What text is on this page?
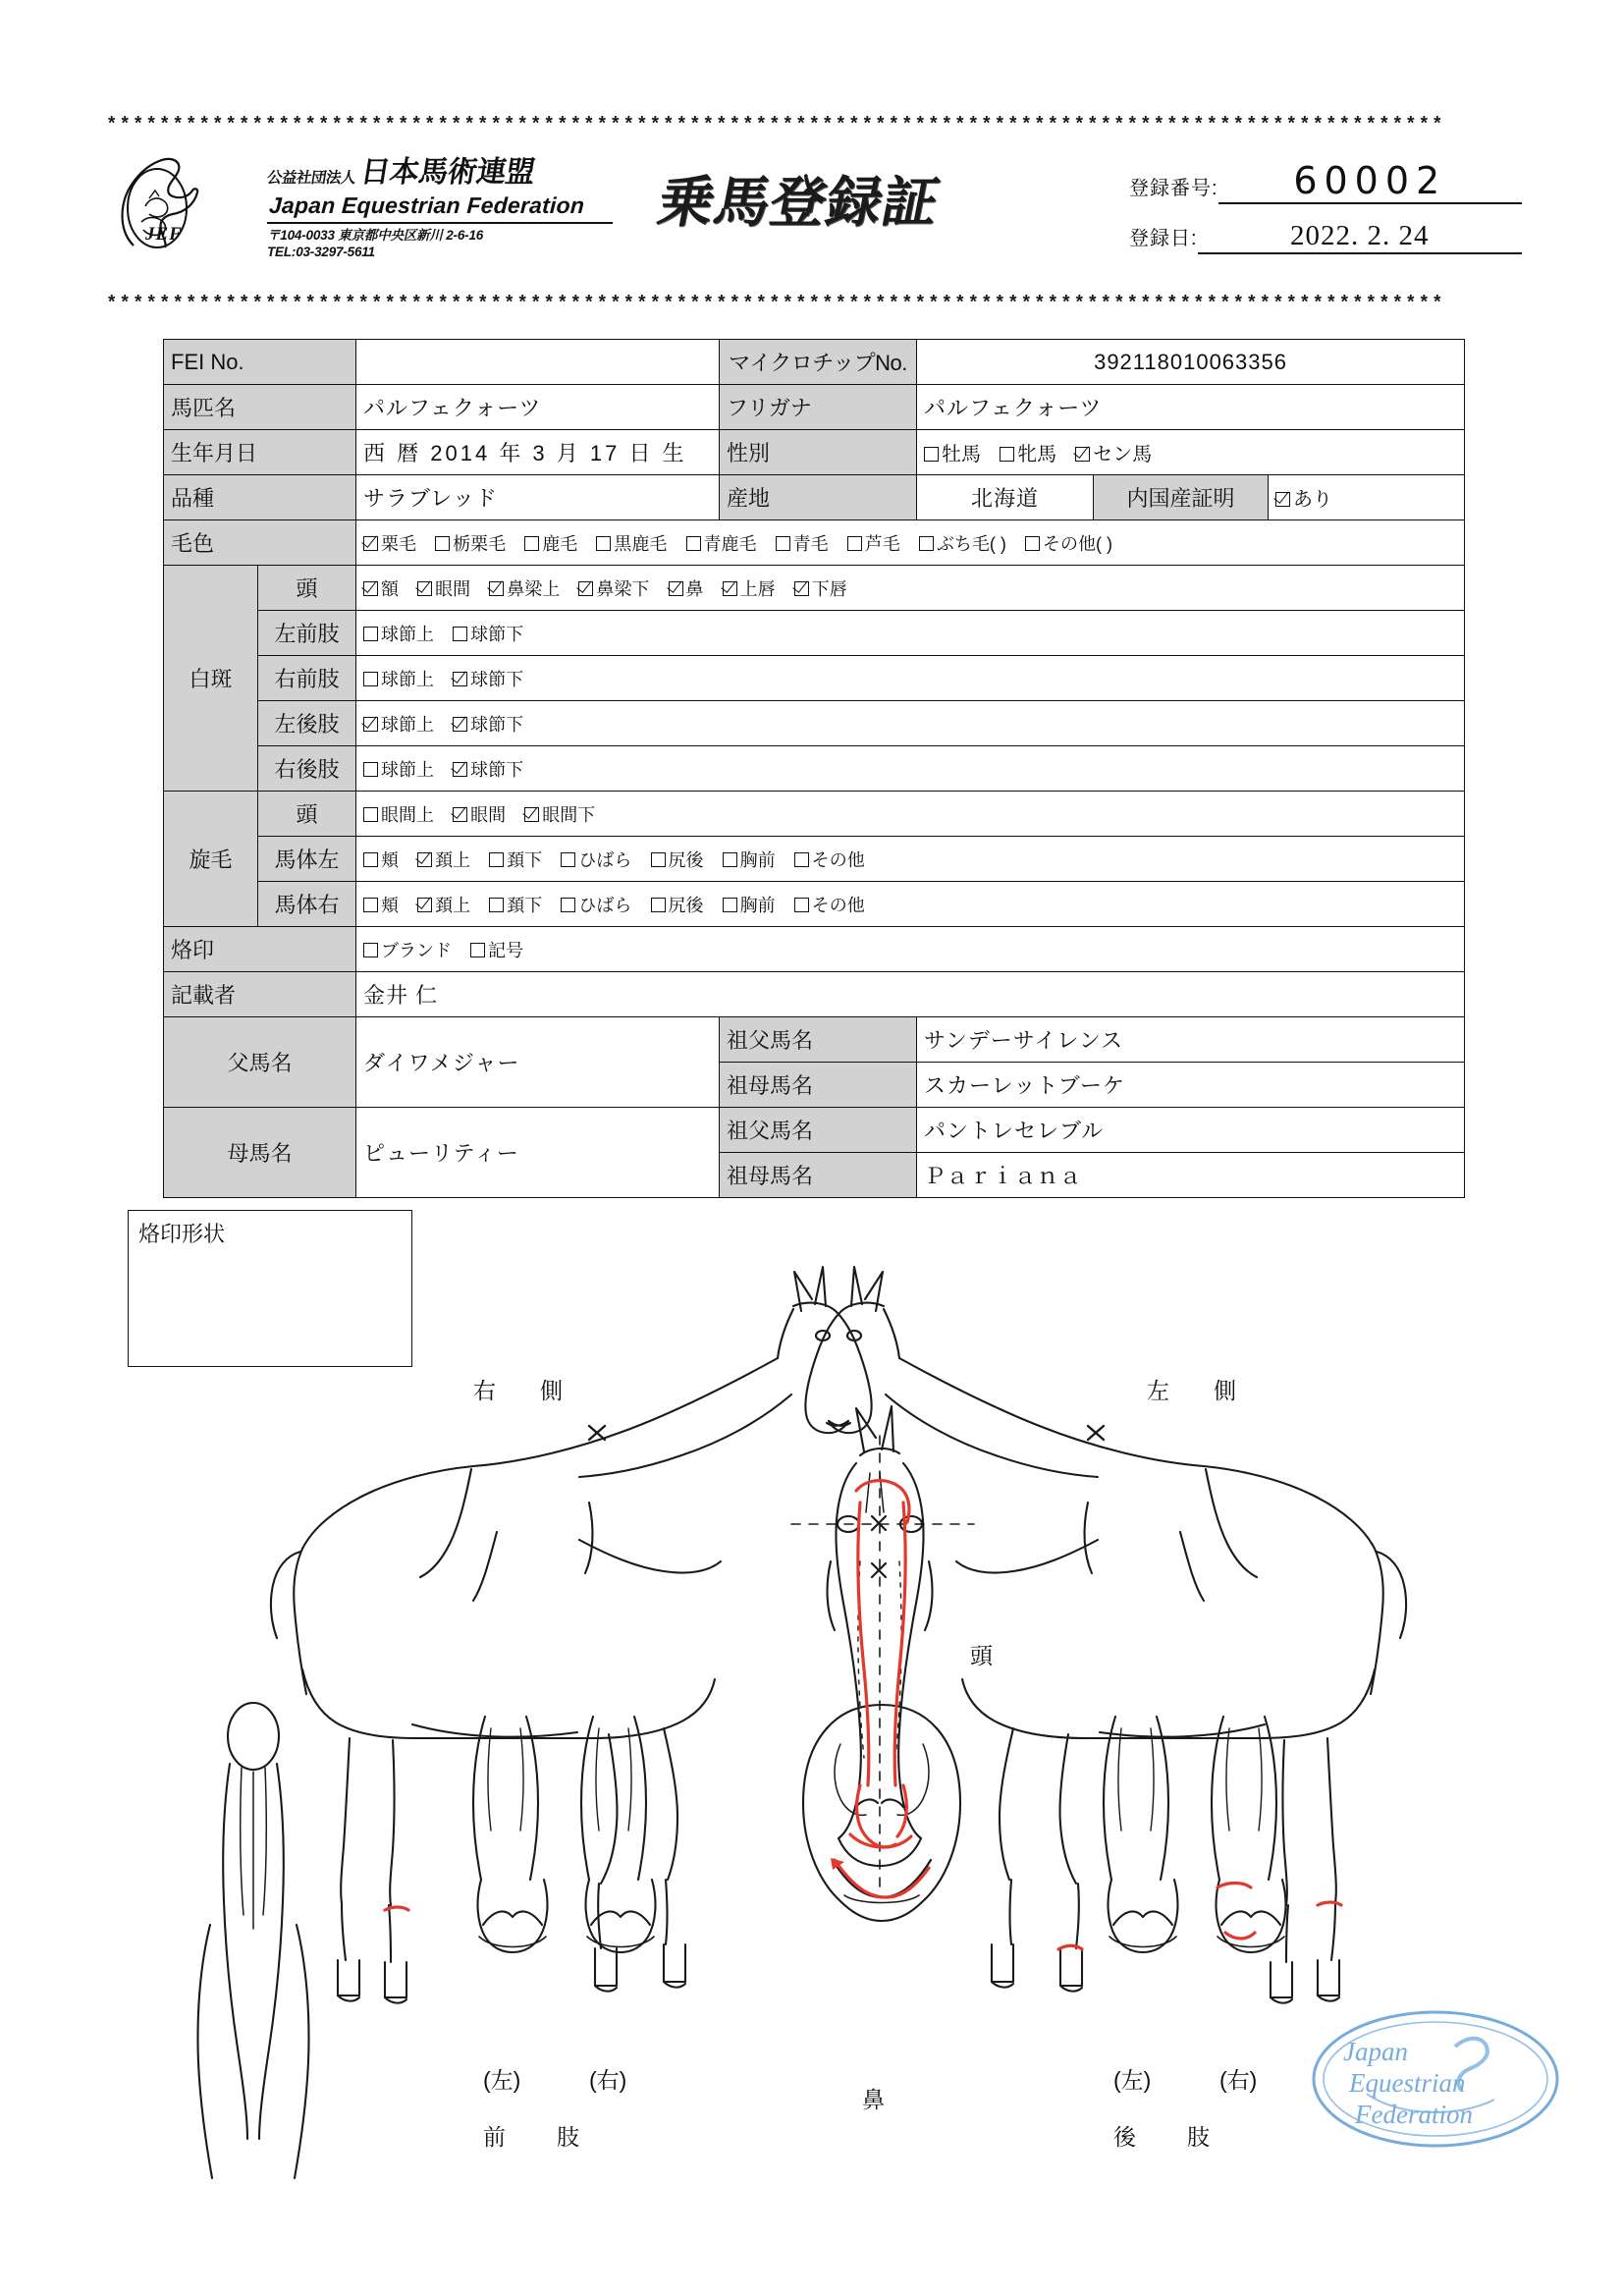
*****************************************************************************************************
JEF
公益社団法人 日本馬術連盟
Japan Equestrian Federation
〒104-0033 東京都中央区新川 2-6-16
TEL:03-3297-5611
乗馬登録証	登録番号:	60002
登録日:	2022. 2. 24
*****************************************************************************************************
FEI No.			マイクロチップNo.	392118010063356		
馬匹名		パルフェクォーツ	フリガナ	パルフェクォーツ		
生年月日		西 暦 2014 年 3 月 17 日 生	性別	牡馬 牝馬 セン馬		
品種		サラブレッド	産地	北海道	内国産証明	あり
毛色		栗毛 栃栗毛 鹿毛 黒鹿毛 青鹿毛 青毛 芦毛 ぶち毛( ) その他( )				
白斑	頭	額 眼間 鼻梁上 鼻梁下 鼻 上唇 下唇				
	左前肢	球節上 球節下				
	右前肢	球節上 球節下				
	左後肢	球節上 球節下				
	右後肢	球節上 球節下				
旋毛	頭	眼間上 眼間 眼間下				
	馬体左	頬 頚上 頚下 ひばら 尻後 胸前 その他				
	馬体右	頬 頚上 頚下 ひばら 尻後 胸前 その他				
烙印		ブランド 記号				
記載者		金井 仁				
父馬名		ダイワメジャー	祖父馬名	サンデーサイレンス		
			祖母馬名	スカーレットブーケ		
母馬名		ピューリティー	祖父馬名	パントレセレブル		
			祖母馬名	Ｐａｒｉａｎａ		
烙印形状
右　側	左　側
頭
鼻
(左)	(右)
前　　肢
(左)	(右)
後　　肢
Japan
Equestrian
Federation
